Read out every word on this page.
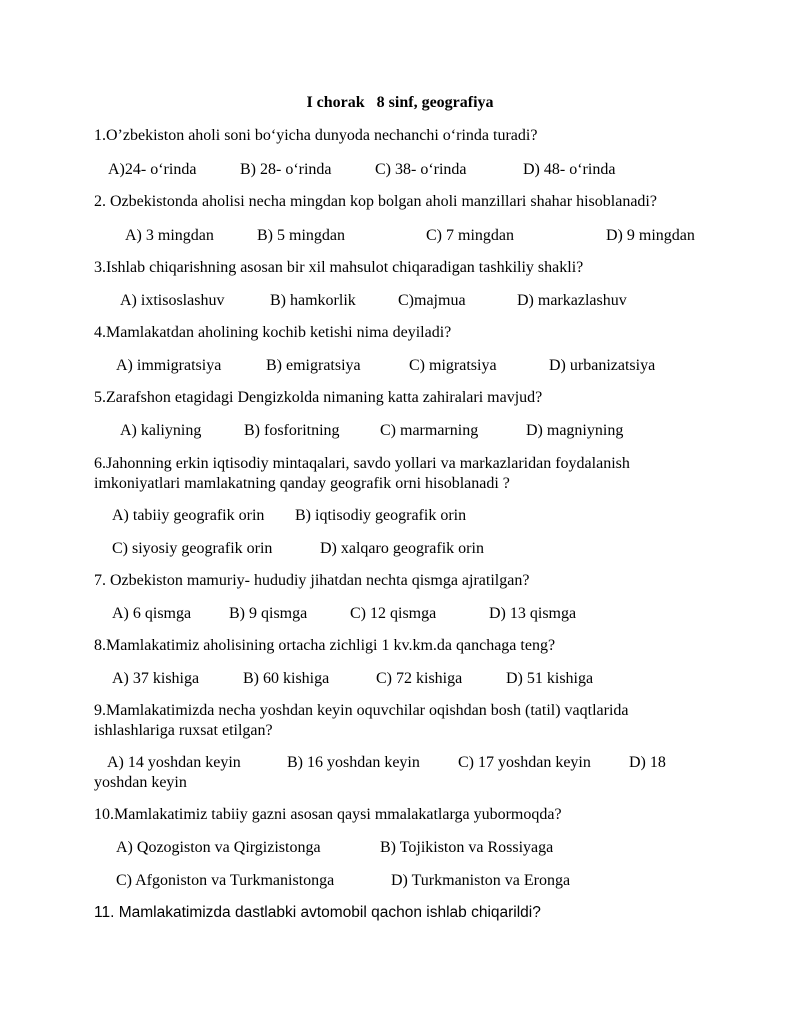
I chorak   8 sinf, geografiya
1.O’zbekiston aholi soni bo‘yicha dunyoda nechanchi o‘rinda turadi?
A)24- o‘rinda	B) 28- o‘rinda	C) 38- o‘rinda	D) 48- o‘rinda
2. Ozbekistonda aholisi necha mingdan kop bolgan aholi manzillari shahar hisoblanadi?
A) 3 mingdan	B) 5 mingdan	C) 7 mingdan	D) 9 mingdan
3.Ishlab chiqarishning asosan bir xil mahsulot chiqaradigan tashkiliy shakli?
A) ixtisoslashuv	B) hamkorlik	C)majmua	D) markazlashuv
4.Mamlakatdan aholining kochib ketishi nima deyiladi?
A) immigratsiya	B) emigratsiya	C) migratsiya	D) urbanizatsiya
5.Zarafshon etagidagi Dengizkolda nimaning katta zahiralari mavjud?
A) kaliyning	B) fosforitning	C) marmarning	D) magniyning
6.Jahonning erkin iqtisodiy mintaqalari, savdo yollari va markazlaridan foydalanish imkoniyatlari mamlakatning qanday geografik orni hisoblanadi ?
A) tabiiy geografik orin B) iqtisodiy geografik orin
C) siyosiy geografik orin	D) xalqaro geografik orin
7. Ozbekiston mamuriy- hududiy jihatdan nechta qismga ajratilgan?
A) 6 qismga B) 9 qismga	C) 12 qismga	D) 13 qismga
8.Mamlakatimiz aholisining ortacha zichligi 1 kv.km.da qanchaga teng?
A) 37 kishiga	B) 60 kishiga	C) 72 kishiga	D) 51 kishiga
9.Mamlakatimizda necha yoshdan keyin oquvchilar oqishdan bosh (tatil) vaqtlarida ishlashlariga ruxsat etilgan?
A) 14 yoshdan keyin	B) 16 yoshdan keyin C) 17 yoshdan keyin D) 18
yoshdan keyin
10.Mamlakatimiz tabiiy gazni asosan qaysi mmalakatlarga yubormoqda?
A) Qozogiston va Qirgizistonga	B) Tojikiston va Rossiyaga
C) Afgoniston va Turkmanistonga	D) Turkmaniston va Eronga
11. Mamlakatimizda dastlabki avtomobil qachon ishlab chiqarildi?
